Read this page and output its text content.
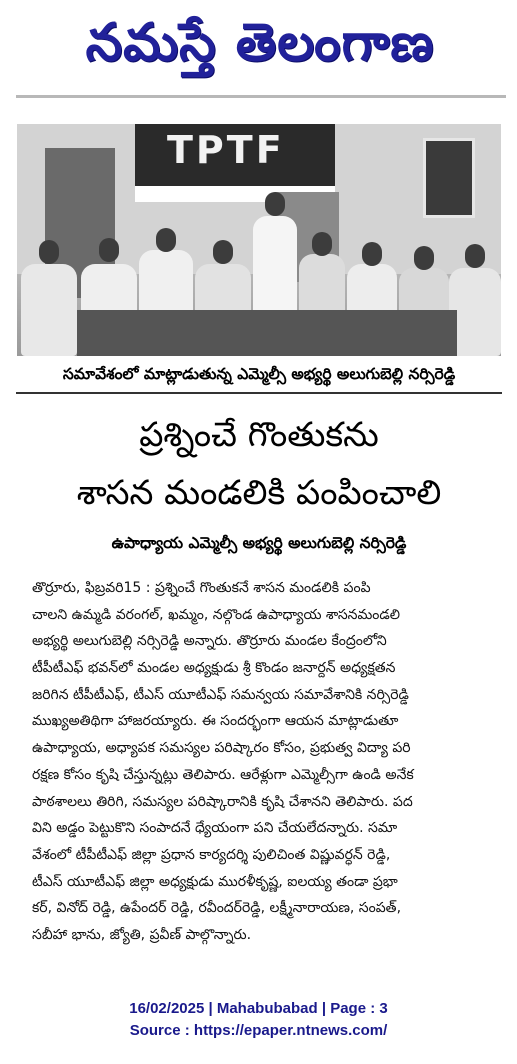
నమస్తే తెలంగాణ
TPTF
సమావేశంలో మాట్లాడుతున్న ఎమ్మెల్సీ అభ్యర్థి అలుగుబెల్లి నర్సిరెడ్డి
ప్రశ్నించే గొంతుకను
శాసన మండలికి పంపించాలి
ఉపాధ్యాయ ఎమ్మెల్సీ అభ్యర్థి అలుగుబెల్లి నర్సిరెడ్డి
తొర్రూరు, ఫిబ్రవరి15 : ప్రశ్నించే గొంతుకనే శాసన మండలికి పంపి
చాలని ఉమ్మడి వరంగల్‌, ఖమ్మం, నల్గొండ ఉపాధ్యాయ శాసనమండలి
అభ్యర్థి అలుగుబెల్లి నర్సిరెడ్డి అన్నారు. తొర్రూరు మండల కేంద్రంలోని
టీపీటీఎఫ్‌ భవన్‌లో మండల అధ్యక్షుడు శ్రీ కొండం జనార్దన్‌ అధ్యక్షతన
జరిగిన టీపీటీఎఫ్‌, టీఎస్‌ యూటీఎఫ్‌ సమన్వయ సమావేశానికి నర్సిరెడ్డి
ముఖ్యఅతిథిగా హాజరయ్యారు. ఈ సందర్భంగా ఆయన మాట్లాడుతూ
ఉపాధ్యాయ, అధ్యాపక సమస్యల పరిష్కారం కోసం, ప్రభుత్వ విద్యా పరి
రక్షణ కోసం కృషి చేస్తున్నట్లు తెలిపారు. ఆరేళ్లుగా ఎమ్మెల్సీగా ఉండి అనేక
పాఠశాలలు తిరిగి, సమస్యల పరిష్కారానికి కృషి చేశానని తెలిపారు. పద
విని అడ్డం పెట్టుకొని సంపాదనే ధ్యేయంగా పని చేయలేదన్నారు. సమా
వేశంలో టీపీటీఎఫ్‌ జిల్లా ప్రధాన కార్యదర్శి పులిచింత విష్ణువర్ధన్‌ రెడ్డి,
టీఎస్‌ యూటీఎఫ్‌ జిల్లా అధ్యక్షుడు మురళీకృష్ణ, ఐలయ్య తండా ప్రభా
కర్‌, వినోద్‌ రెడ్డి, ఉపేందర్‌ రెడ్డి, రవీందర్‌రెడ్డి, లక్ష్మీనారాయణ, సంపత్‌,
సబీహా భాను, జ్యోతి, ప్రవీణ్‌ పాల్గొన్నారు.
16/02/2025 | Mahabubabad | Page : 3
Source : https://epaper.ntnews.com/
